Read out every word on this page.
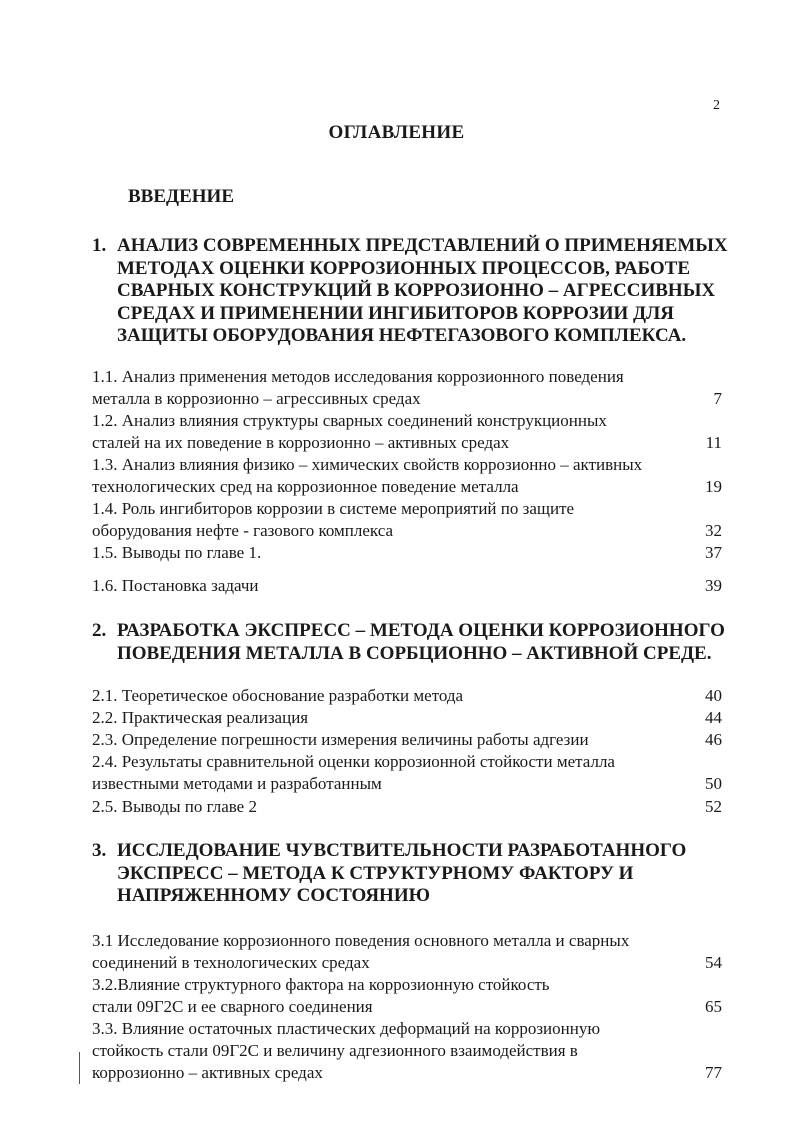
2
ОГЛАВЛЕНИЕ
ВВЕДЕНИЕ
1. АНАЛИЗ СОВРЕМЕННЫХ ПРЕДСТАВЛЕНИЙ О ПРИМЕНЯЕМЫХ
МЕТОДАХ ОЦЕНКИ КОРРОЗИОННЫХ ПРОЦЕССОВ, РАБОТЕ
СВАРНЫХ КОНСТРУКЦИЙ В КОРРОЗИОННО – АГРЕССИВНЫХ
СРЕДАХ И ПРИМЕНЕНИИ ИНГИБИТОРОВ КОРРОЗИИ ДЛЯ
ЗАЩИТЫ ОБОРУДОВАНИЯ НЕФТЕГАЗОВОГО КОМПЛЕКСА.
1.1. Анализ применения методов исследования коррозионного поведения
металла в коррозионно – агрессивных средах	7
1.2. Анализ влияния структуры сварных соединений конструкционных
сталей на их поведение в коррозионно – активных средах	11
1.3. Анализ влияния физико – химических свойств коррозионно – активных
технологических сред на коррозионное поведение металла	19
1.4. Роль ингибиторов коррозии в системе мероприятий по защите
оборудования нефте - газового комплекса	32
1.5. Выводы по главе 1.	37
1.6. Постановка задачи	39
2. РАЗРАБОТКА ЭКСПРЕСС – МЕТОДА ОЦЕНКИ КОРРОЗИОННОГО
ПОВЕДЕНИЯ МЕТАЛЛА В СОРБЦИОННО – АКТИВНОЙ СРЕДЕ.
2.1. Теоретическое обоснование разработки метода	40
2.2. Практическая реализация	44
2.3. Определение погрешности измерения величины работы адгезии	46
2.4. Результаты сравнительной оценки коррозионной стойкости металла
известными методами и разработанным	50
2.5. Выводы по главе 2	52
3. ИССЛЕДОВАНИЕ ЧУВСТВИТЕЛЬНОСТИ РАЗРАБОТАННОГО
ЭКСПРЕСС – МЕТОДА К СТРУКТУРНОМУ ФАКТОРУ И
НАПРЯЖЕННОМУ СОСТОЯНИЮ
3.1 Исследование коррозионного поведения основного металла и сварных
соединений в технологических средах	54
3.2.Влияние структурного фактора на коррозионную стойкость
стали 09Г2С и ее сварного соединения	65
3.3. Влияние остаточных пластических деформаций на коррозионную
стойкость стали 09Г2С и величину адгезионного взаимодействия в
коррозионно – активных средах	77
